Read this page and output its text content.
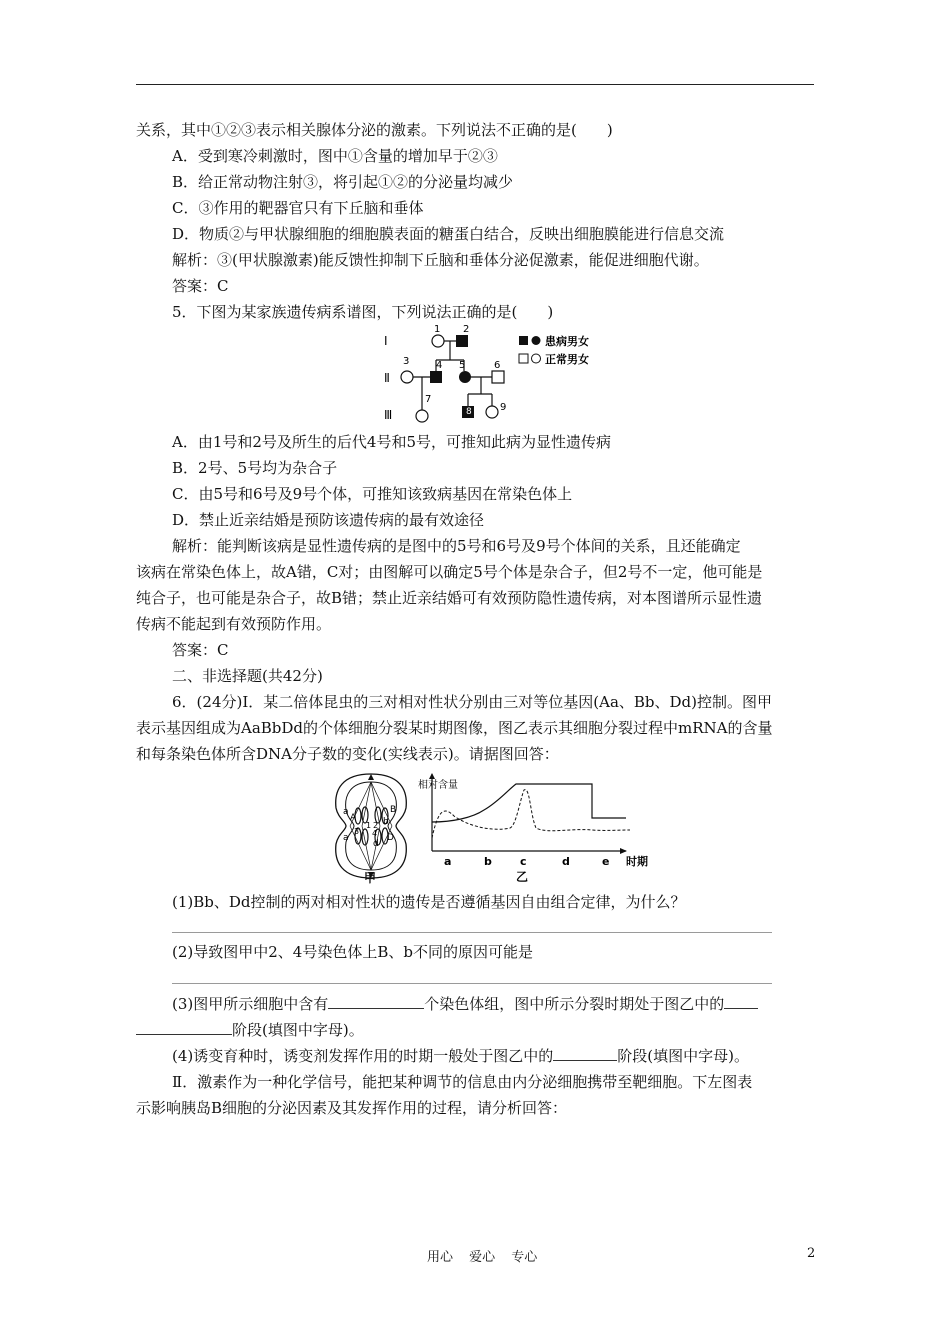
关系，其中①②③表示相关腺体分泌的激素。下列说法不正确的是(　　)
A．受到寒冷刺激时，图中①含量的增加早于②③
B．给正常动物注射③，将引起①②的分泌量均减少
C．③作用的靶器官只有下丘脑和垂体
D．物质②与甲状腺细胞的细胞膜表面的糖蛋白结合，反映出细胞膜能进行信息交流
解析：③(甲状腺激素)能反馈性抑制下丘脑和垂体分泌促激素，能促进细胞代谢。
答案：C
5．下图为某家族遗传病系谱图，下列说法正确的是(　　)
Ⅰ
Ⅱ
Ⅲ
1 2
3	4 5	6
7
8	9
患病男女
正常男女
A．由1号和2号及所生的后代4号和5号，可推知此病为显性遗传病
B．2号、5号均为杂合子
C．由5号和6号及9号个体，可推知该致病基因在常染色体上
D．禁止近亲结婚是预防该遗传病的最有效途径
解析：能判断该病是显性遗传病的是图中的5号和6号及9号个体间的关系，且还能确定
该病在常染色体上，故A错，C对；由图解可以确定5号个体是杂合子，但2号不一定，他可能是
纯合子，也可能是杂合子，故B错；禁止近亲结婚可有效预防隐性遗传病，对本图谱所示显性遗
传病不能起到有效预防作用。
答案：C
二、非选择题(共42分)
6．(24分)Ⅰ．某二倍体昆虫的三对相对性状分别由三对等位基因(Aa、Bb、Dd)控制。图甲
表示基因组成为AaBbDd的个体细胞分裂某时期图像，图乙表示其细胞分裂过程中mRNA的含量
和每条染色体所含DNA分子数的变化(实线表示)。请据图回答：
a
A
a
1 2
3 4
B
b
D
d
甲
相对含量
a	b	c	d	e 时期
乙
(1)Bb、Dd控制的两对相对性状的遗传是否遵循基因自由组合定律，为什么？
(2)导致图甲中2、4号染色体上B、b不同的原因可能是
(3)图甲所示细胞中含有	个染色体组，图中所示分裂时期处于图乙中的
阶段(填图中字母)。
(4)诱变育种时，诱变剂发挥作用的时期一般处于图乙中的	阶段(填图中字母)。
Ⅱ．激素作为一种化学信号，能把某种调节的信息由内分泌细胞携带至靶细胞。下左图表
示影响胰岛B细胞的分泌因素及其发挥作用的过程，请分析回答：
用心 爱心 专心	2
